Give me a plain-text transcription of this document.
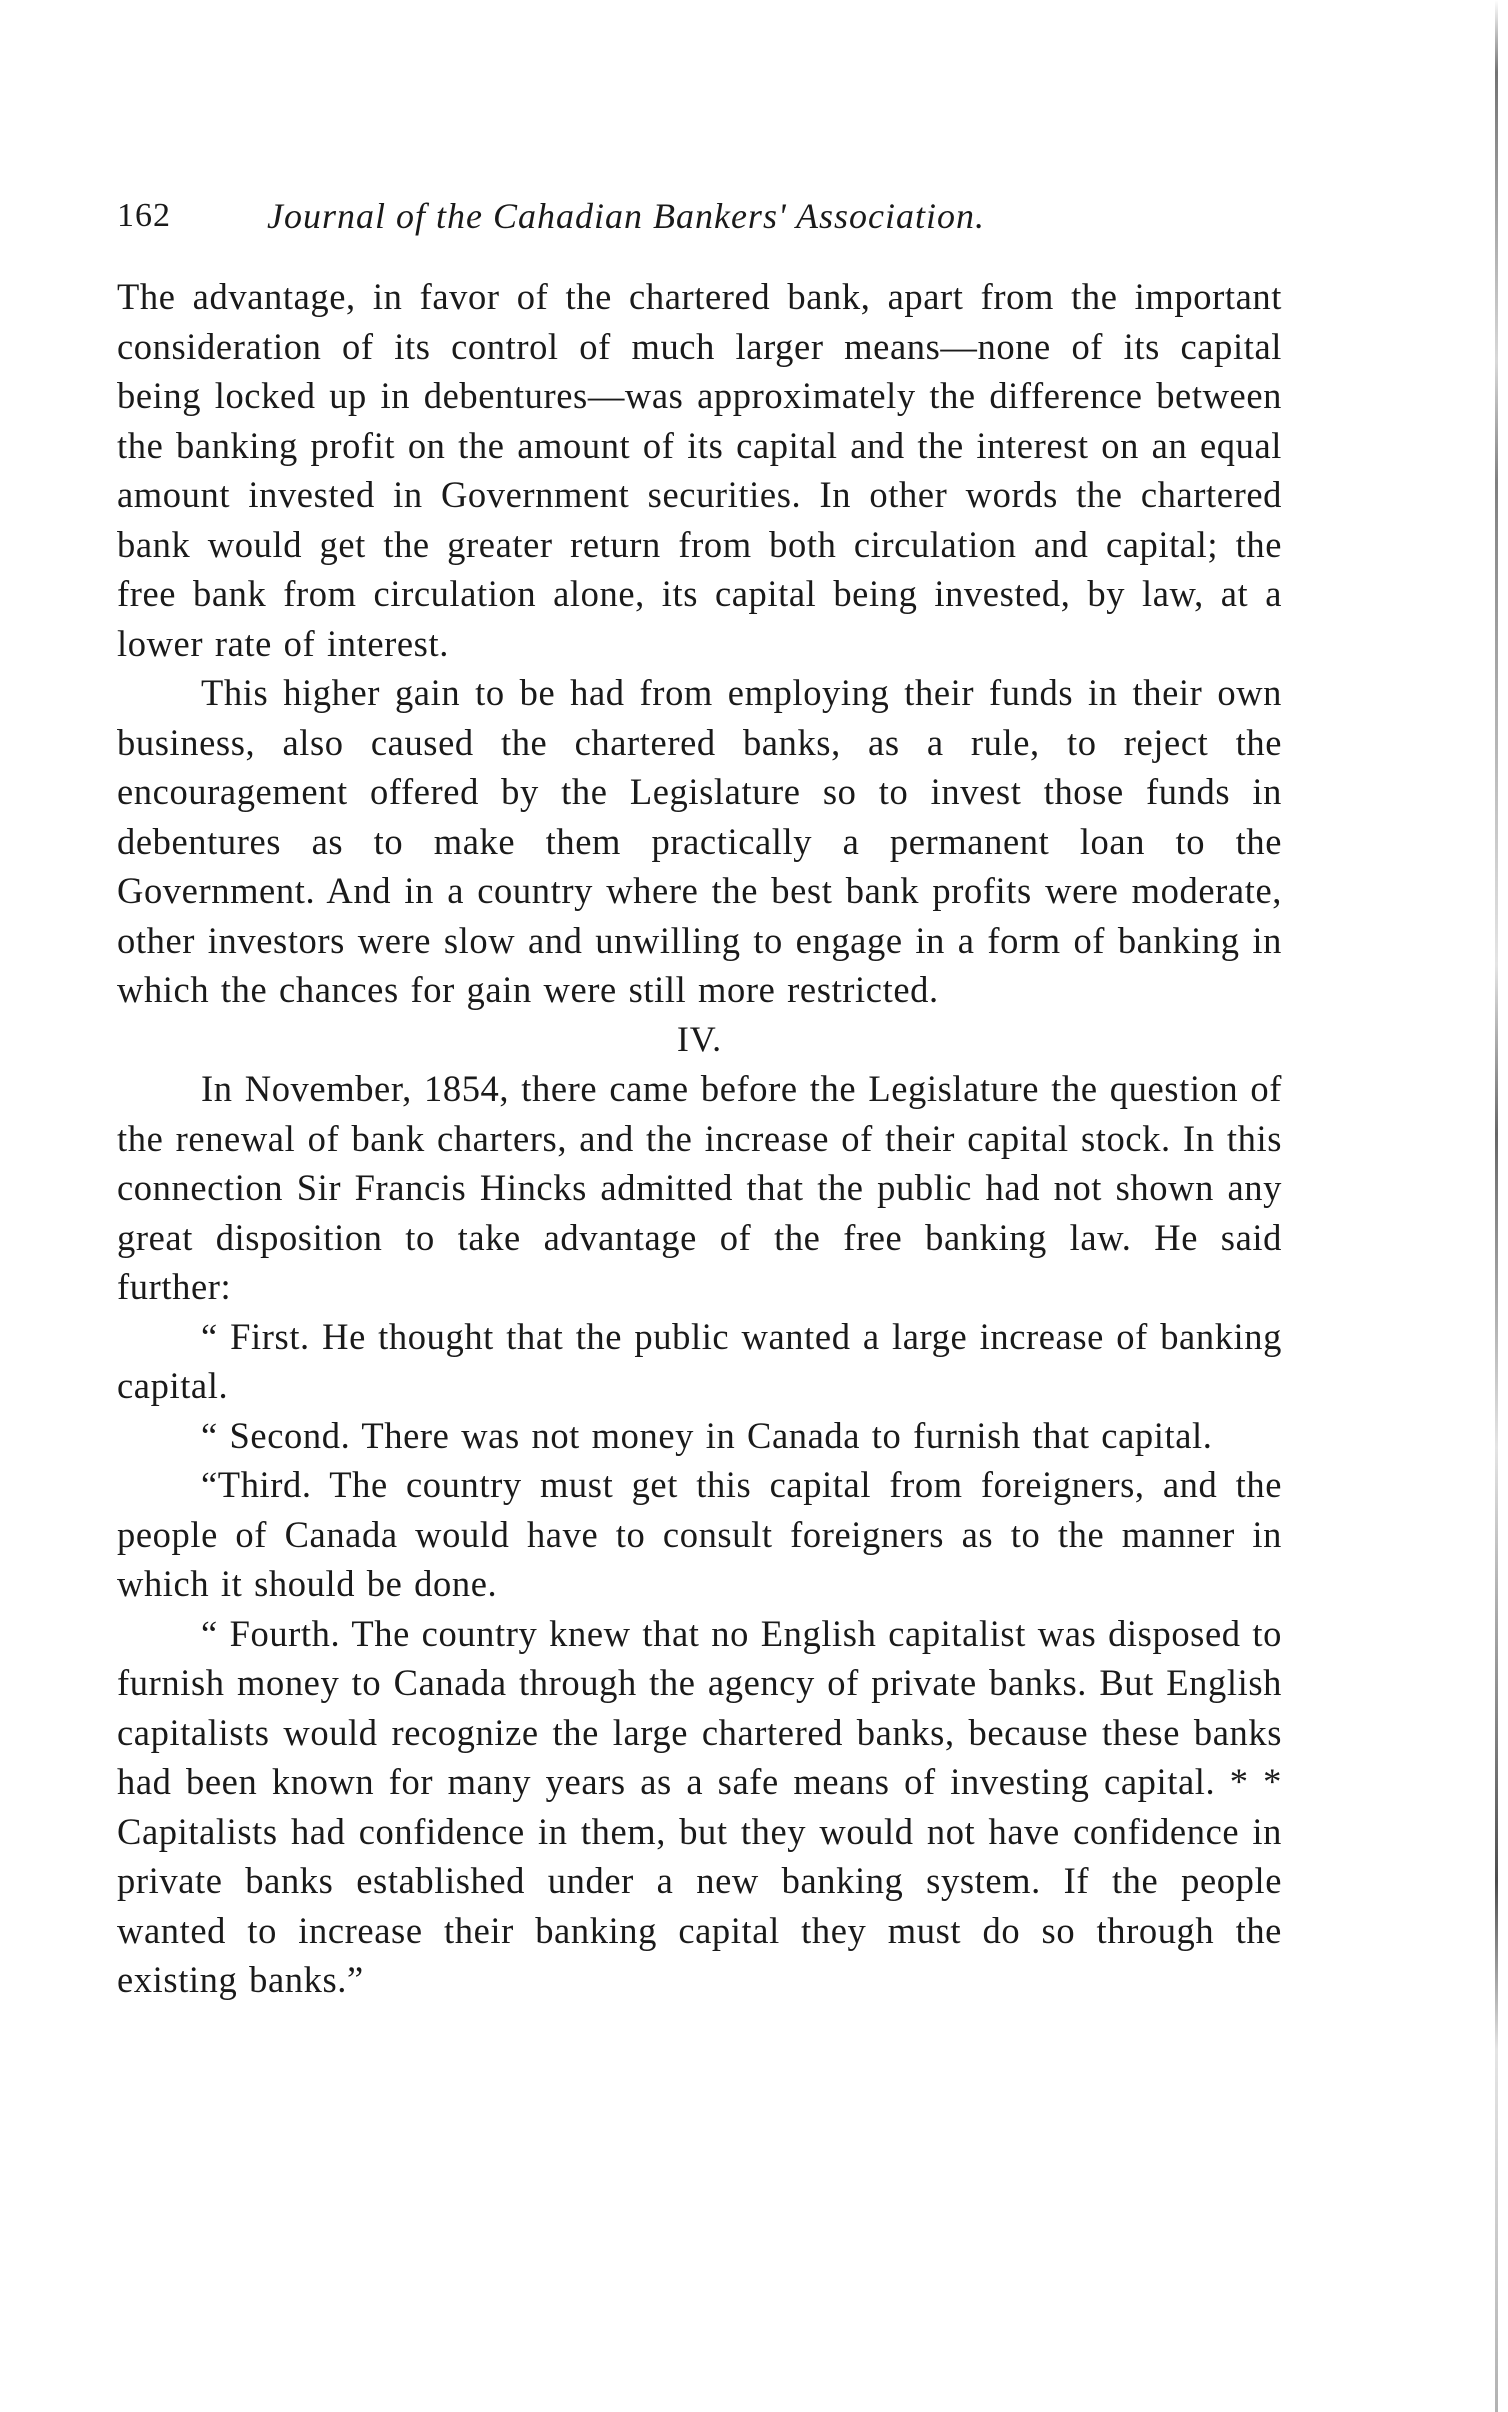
162	Journal of the Cahadian Bankers' Association.

The advantage, in favor of the chartered bank, apart from the important consideration of its control of much larger means—none of its capital being locked up in debentures—was approximately the difference between the banking profit on the amount of its capital and the interest on an equal amount invested in Government securities. In other words the chartered bank would get the greater return from both circulation and capital; the free bank from circulation alone, its capital being invested, by law, at a lower rate of interest.

This higher gain to be had from employing their funds in their own business, also caused the chartered banks, as a rule, to reject the encouragement offered by the Legislature so to invest those funds in debentures as to make them practically a permanent loan to the Government. And in a country where the best bank profits were moderate, other investors were slow and unwilling to engage in a form of banking in which the chances for gain were still more restricted.

IV.

In November, 1854, there came before the Legislature the question of the renewal of bank charters, and the increase of their capital stock. In this connection Sir Francis Hincks admitted that the public had not shown any great disposition to take advantage of the free banking law. He said further:

“ First. He thought that the public wanted a large increase of banking capital.

“ Second. There was not money in Canada to furnish that capital.

“Third. The country must get this capital from foreigners, and the people of Canada would have to consult foreigners as to the manner in which it should be done.

“ Fourth. The country knew that no English capitalist was disposed to furnish money to Canada through the agency of private banks. But English capitalists would recognize the large chartered banks, because these banks had been known for many years as a safe means of investing capital. * * Capitalists had confidence in them, but they would not have confidence in private banks established under a new banking system. If the people wanted to increase their banking capital they must do so through the existing banks.”
